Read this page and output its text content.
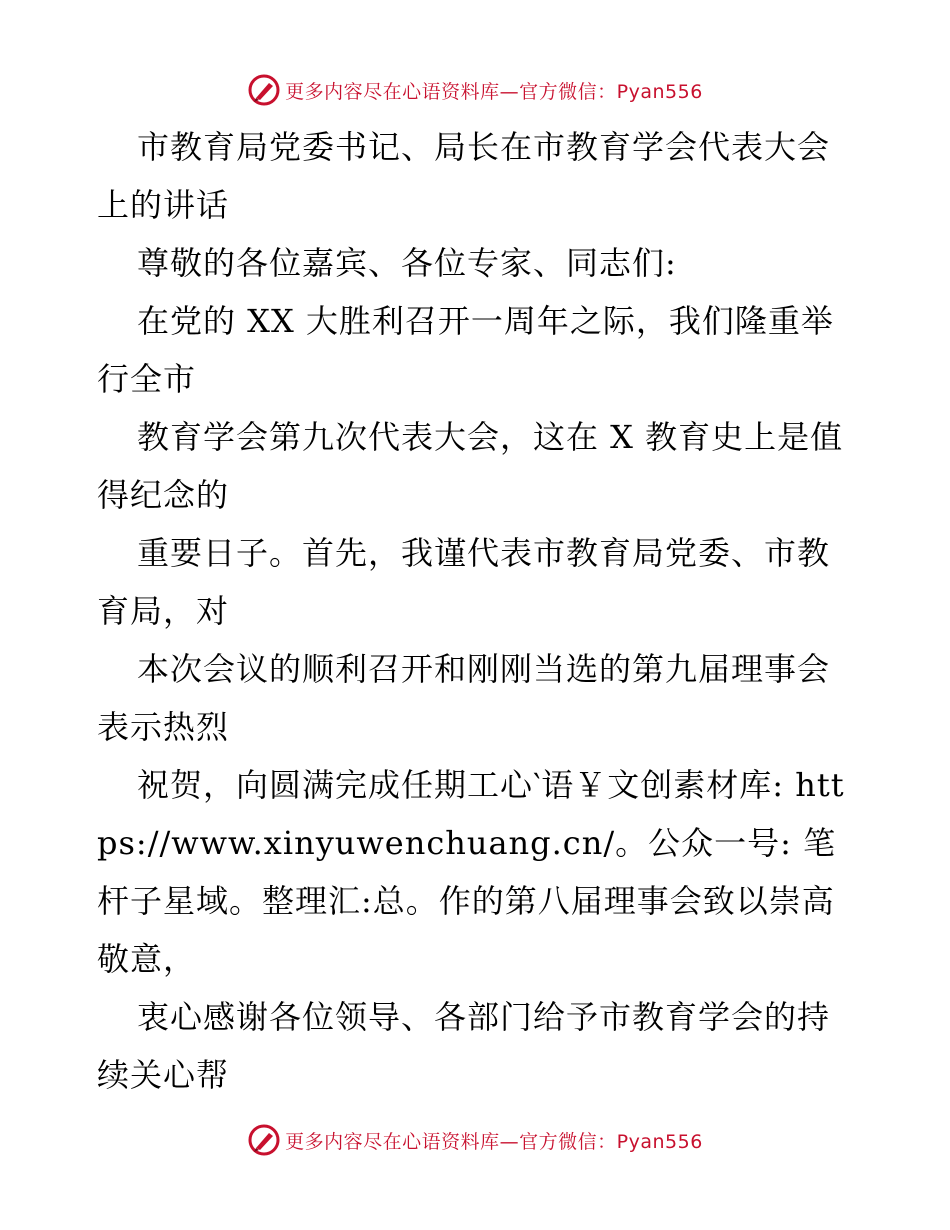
更多内容尽在心语资料库—官方微信：Pyan556

市教育局党委书记、局长在市教育学会代表大会上的讲话

尊敬的各位嘉宾、各位专家、同志们:

在党的 XX 大胜利召开一周年之际，我们隆重举行全市

教育学会第九次代表大会，这在 X 教育史上是值得纪念的

重要日子。首先，我谨代表市教育局党委、市教育局，对

本次会议的顺利召开和刚刚当选的第九届理事会表示热烈

祝贺，向圆满完成任期工心‵语￥文创素材库: https://www.xinyuwenchuang.cn/。公众一号: 笔杆子星域。整理汇:总。作的第八届理事会致以崇高敬意，

衷心感谢各位领导、各部门给予市教育学会的持续关心帮

更多内容尽在心语资料库—官方微信：Pyan556
